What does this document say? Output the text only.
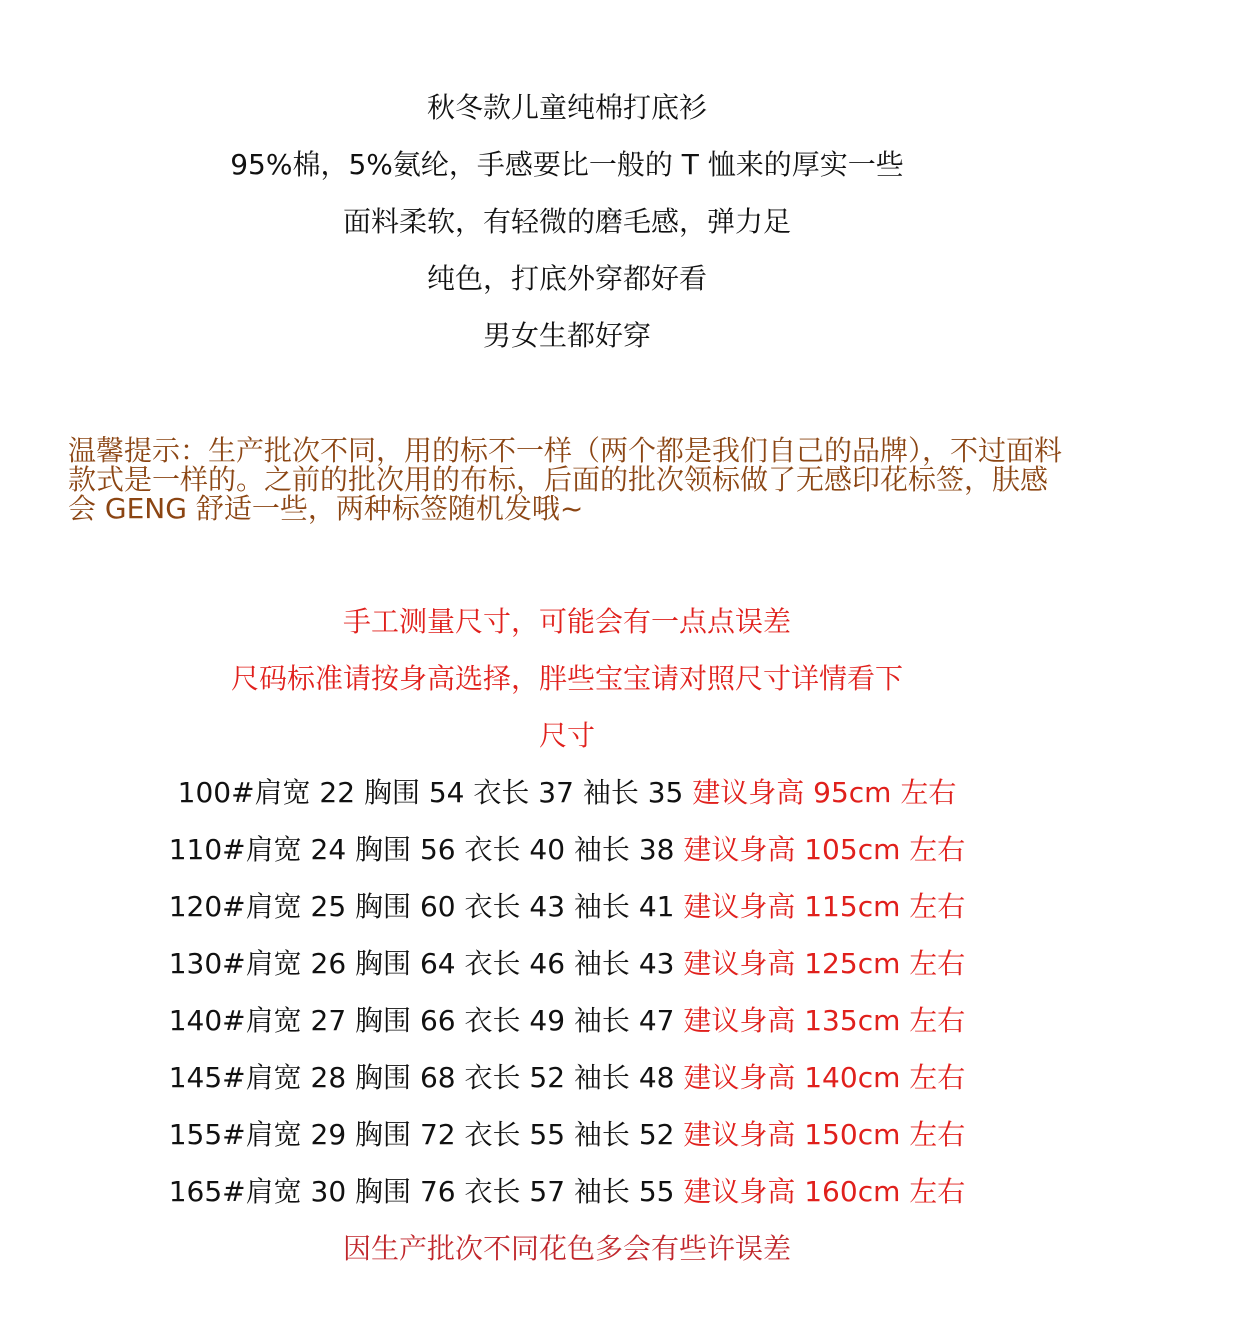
秋冬款儿童纯棉打底衫
95%棉，5%氨纶，手感要比一般的 T 恤来的厚实一些
面料柔软，有轻微的磨毛感，弹力足
纯色，打底外穿都好看
男女生都好穿
温馨提示：生产批次不同，用的标不一样（两个都是我们自己的品牌），不过面料款式是一样的。之前的批次用的布标，后面的批次领标做了无感印花标签，肤感会 GENG 舒适一些，两种标签随机发哦~
手工测量尺寸，可能会有一点点误差
尺码标准请按身高选择，胖些宝宝请对照尺寸详情看下
尺寸
100#肩宽 22 胸围 54 衣长 37 袖长 35 建议身高 95cm 左右
110#肩宽 24 胸围 56 衣长 40 袖长 38 建议身高 105cm 左右
120#肩宽 25 胸围 60 衣长 43 袖长 41 建议身高 115cm 左右
130#肩宽 26 胸围 64 衣长 46 袖长 43 建议身高 125cm 左右
140#肩宽 27 胸围 66 衣长 49 袖长 47 建议身高 135cm 左右
145#肩宽 28 胸围 68 衣长 52 袖长 48 建议身高 140cm 左右
155#肩宽 29 胸围 72 衣长 55 袖长 52 建议身高 150cm 左右
165#肩宽 30 胸围 76 衣长 57 袖长 55 建议身高 160cm 左右
因生产批次不同花色多会有些许误差
